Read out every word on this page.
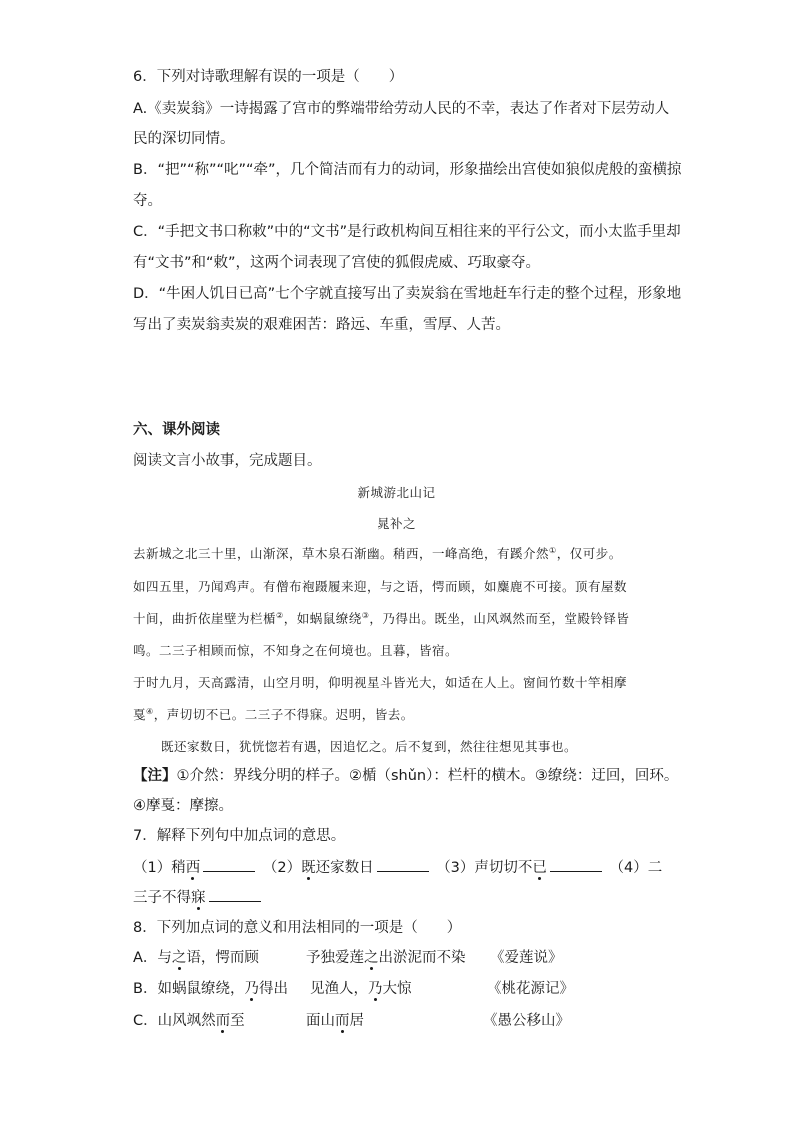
6．下列对诗歌理解有误的一项是（　　）
A.《卖炭翁》一诗揭露了宫市的弊端带给劳动人民的不幸，表达了作者对下层劳动人
民的深切同情。
B．“把”“称”“叱”“牵”，几个简洁而有力的动词，形象描绘出宫使如狼似虎般的蛮横掠
夺。
C．“手把文书口称敕”中的“文书”是行政机构间互相往来的平行公文，而小太监手里却
有“文书”和“敕”，这两个词表现了宫使的狐假虎威、巧取豪夺。
D．“牛困人饥日已高”七个字就直接写出了卖炭翁在雪地赶车行走的整个过程，形象地
写出了卖炭翁卖炭的艰难困苦：路远、车重，雪厚、人苦。
六、课外阅读
阅读文言小故事，完成题目。
新城游北山记
晁补之
去新城之北三十里，山渐深，草木泉石渐幽。稍西，一峰高绝，有蹊介然①，仅可步。
如四五里，乃闻鸡声。有僧布袍蹑履来迎，与之语，愕而顾，如麋鹿不可接。顶有屋数
十间，曲折依崖壁为栏楯②，如蜗鼠缭绕③，乃得出。既坐，山风飒然而至，堂殿铃铎皆
鸣。二三子相顾而惊，不知身之在何境也。且暮，皆宿。
于时九月，天高露清，山空月明，仰明视星斗皆光大，如适在人上。窗间竹数十竿相摩
戛④，声切切不已。二三子不得寐。迟明，皆去。
既还家数日，犹恍惚若有遇，因追忆之。后不复到，然往往想见其事也。
【注】①介然：界线分明的样子。②楯（shǔn）：栏杆的横木。③缭绕：迂回，回环。
④摩戛：摩擦。
7．解释下列句中加点词的意思。
（1）稍西	（2）既还家数日	（3）声切切不已	（4）二
三子不得寐
8．下列加点词的意义和用法相同的一项是（　　）
A．与之语，愕而顾	予独爱莲之出淤泥而不染 《爱莲说》
B．如蜗鼠缭绕，乃得出 见渔人，乃大惊	《桃花源记》
C．山风飒然而至	面山而居	《愚公移山》
